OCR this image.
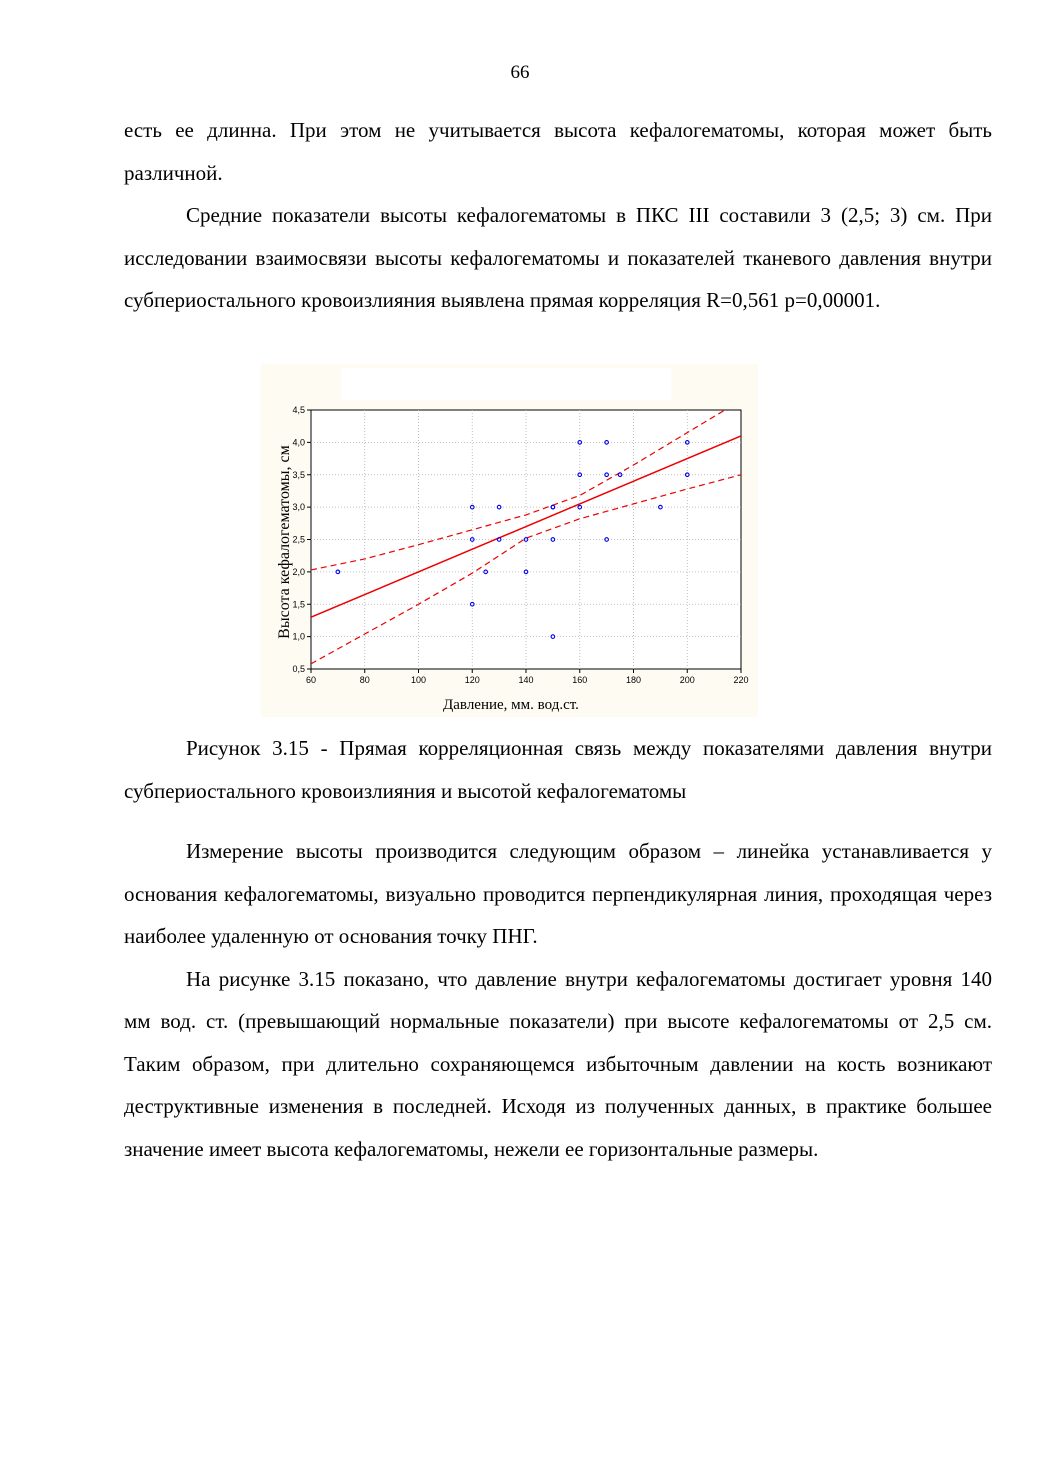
66

есть ее длинна. При этом не учитывается высота кефалогематомы, которая может быть различной.

Средние показатели высоты кефалогематомы в ПКС III составили 3 (2,5; 3) см. При исследовании взаимосвязи высоты кефалогематомы и показателей тканевого давления внутри субпериостального кровоизлияния выявлена прямая корреляция R=0,561 p=0,00001.

60	80	100	120	140	160	180	200	220
0,5
1,0
1,5
2,0
2,5
3,0
3,5
4,0
4,5
Высота кефалогематомы, см
Давление, мм. вод.ст.

Рисунок 3.15 - Прямая корреляционная связь между показателями давления внутри субпериостального кровоизлияния и высотой кефалогематомы

Измерение высоты производится следующим образом – линейка устанавливается у основания кефалогематомы, визуально проводится перпендикулярная линия, проходящая через наиболее удаленную от основания точку ПНГ.

На рисунке 3.15 показано, что давление внутри кефалогематомы достигает уровня 140 мм вод. ст. (превышающий нормальные показатели) при высоте кефалогематомы от 2,5 см. Таким образом, при длительно сохраняющемся избыточным давлении на кость возникают деструктивные изменения в последней. Исходя из полученных данных, в практике большее значение имеет высота кефалогематомы, нежели ее горизонтальные размеры.
